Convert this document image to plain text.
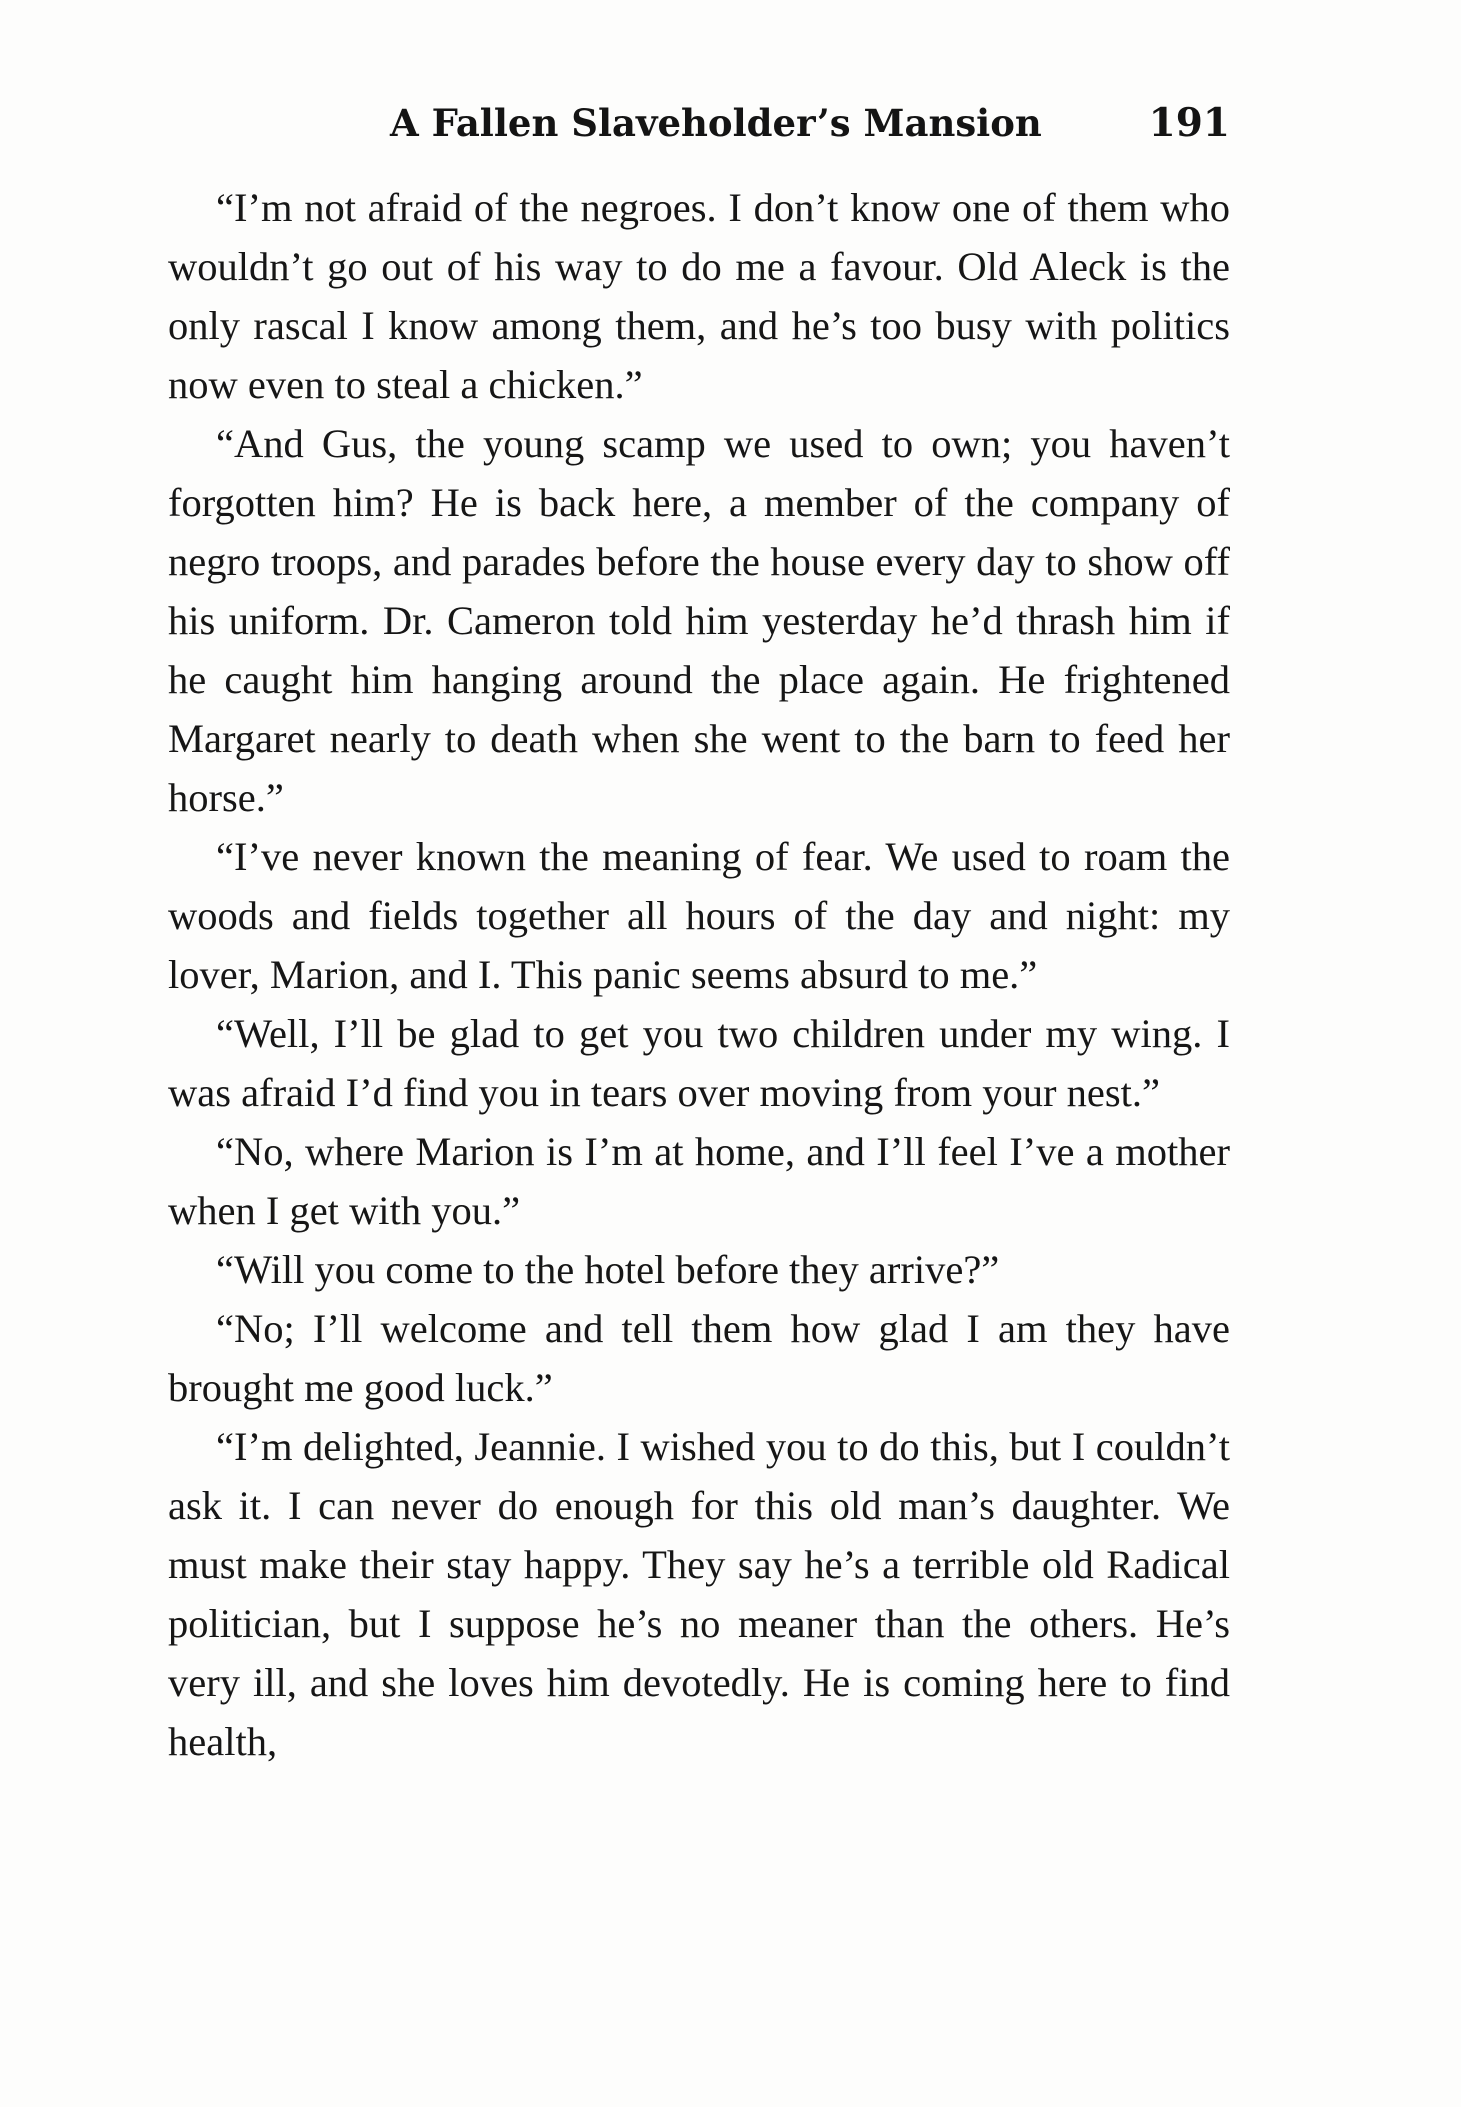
A Fallen Slaveholder’s Mansion	191

“I’m not afraid of the negroes. I don’t know one of them who wouldn’t go out of his way to do me a favour. Old Aleck is the only rascal I know among them, and he’s too busy with politics now even to steal a chicken.”

“And Gus, the young scamp we used to own; you haven’t forgotten him? He is back here, a member of the company of negro troops, and parades before the house every day to show off his uniform. Dr. Cameron told him yesterday he’d thrash him if he caught him hanging around the place again. He frightened Margaret nearly to death when she went to the barn to feed her horse.”

“I’ve never known the meaning of fear. We used to roam the woods and fields together all hours of the day and night: my lover, Marion, and I. This panic seems absurd to me.”

“Well, I’ll be glad to get you two children under my wing. I was afraid I’d find you in tears over moving from your nest.”

“No, where Marion is I’m at home, and I’ll feel I’ve a mother when I get with you.”

“Will you come to the hotel before they arrive?”

“No; I’ll welcome and tell them how glad I am they have brought me good luck.”

“I’m delighted, Jeannie. I wished you to do this, but I couldn’t ask it. I can never do enough for this old man’s daughter. We must make their stay happy. They say he’s a terrible old Radical politician, but I suppose he’s no meaner than the others. He’s very ill, and she loves him devotedly. He is coming here to find health,
